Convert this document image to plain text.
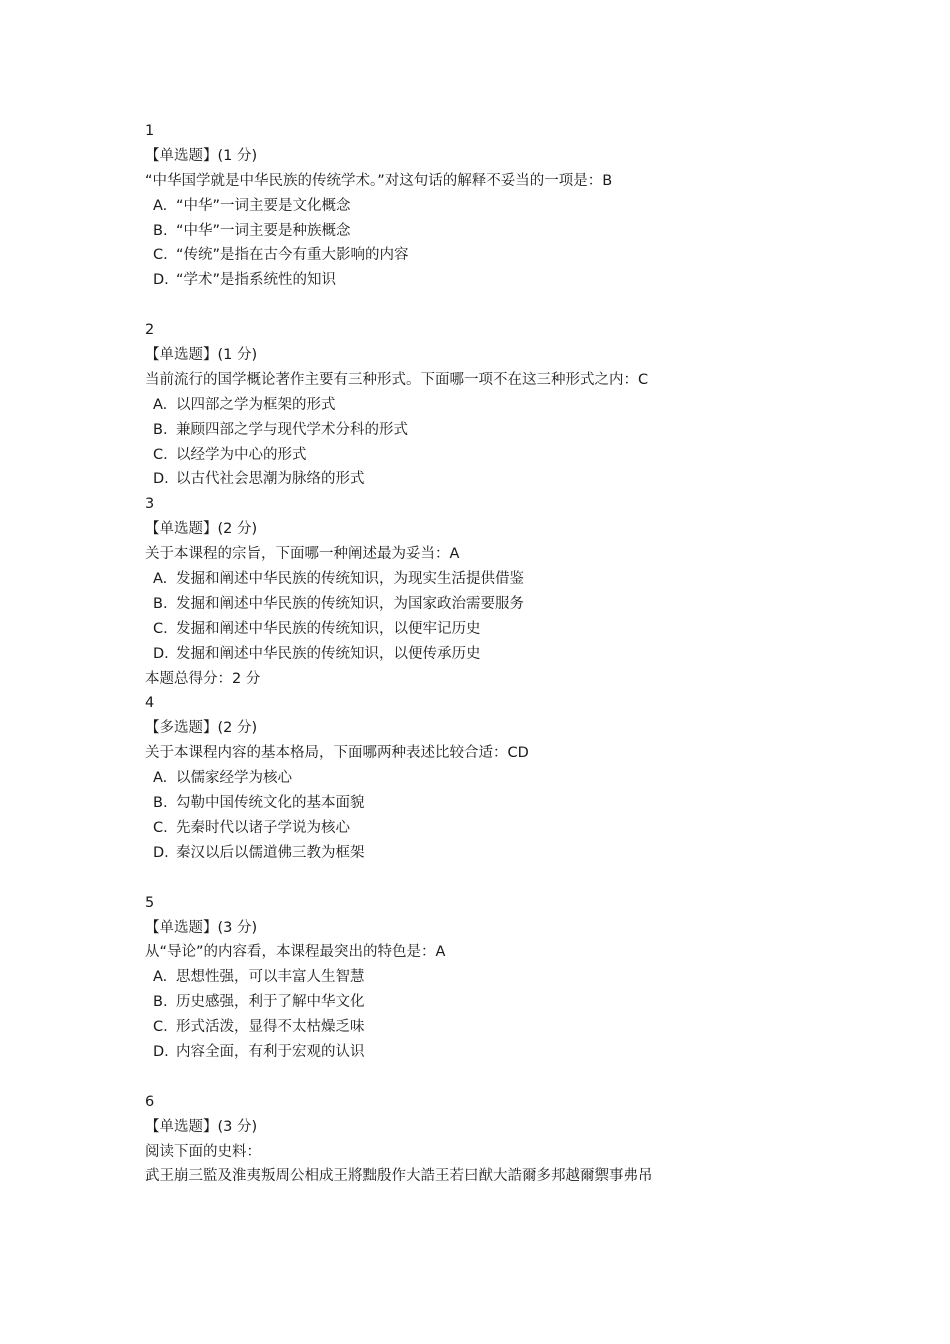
1
【单选题】(1 分)
“中华国学就是中华民族的传统学术。”对这句话的解释不妥当的一项是：B
A. “中华”一词主要是文化概念
B. “中华”一词主要是种族概念
C. “传统”是指在古今有重大影响的内容
D. “学术”是指系统性的知识
2
【单选题】(1 分)
当前流行的国学概论著作主要有三种形式。下面哪一项不在这三种形式之内：C
A. 以四部之学为框架的形式
B. 兼顾四部之学与现代学术分科的形式
C. 以经学为中心的形式
D. 以古代社会思潮为脉络的形式
3
【单选题】(2 分)
关于本课程的宗旨，下面哪一种阐述最为妥当：A
A. 发掘和阐述中华民族的传统知识，为现实生活提供借鉴
B. 发掘和阐述中华民族的传统知识，为国家政治需要服务
C. 发掘和阐述中华民族的传统知识，以便牢记历史
D. 发掘和阐述中华民族的传统知识，以便传承历史
本题总得分：2 分
4
【多选题】(2 分)
关于本课程内容的基本格局，下面哪两种表述比较合适：CD
A. 以儒家经学为核心
B. 勾勒中国传统文化的基本面貌
C. 先秦时代以诸子学说为核心
D. 秦汉以后以儒道佛三教为框架
5
【单选题】(3 分)
从“导论”的内容看，本课程最突出的特色是：A
A. 思想性强，可以丰富人生智慧
B. 历史感强，利于了解中华文化
C. 形式活泼，显得不太枯燥乏味
D. 内容全面，有利于宏观的认识
6
【单选题】(3 分)
阅读下面的史料：
武王崩三監及淮夷叛周公相成王將黜殷作大誥王若曰猷大誥爾多邦越爾禦事弗吊
